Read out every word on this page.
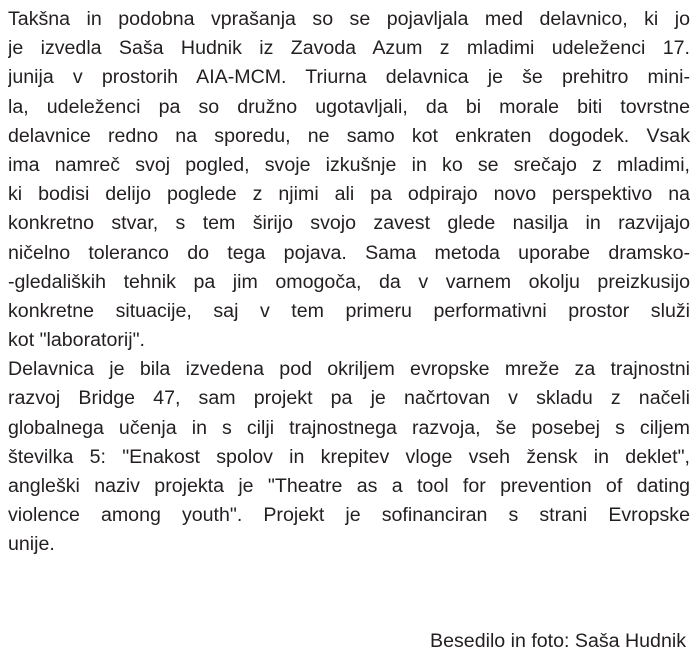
Takšna in podobna vprašanja so se pojavljala med delavnico, ki jo
je izvedla Saša Hudnik iz Zavoda Azum z mladimi udeleženci 17.
junija v prostorih AIA-MCM. Triurna delavnica je še prehitro mini-
la, udeleženci pa so družno ugotavljali, da bi morale biti tovrstne
delavnice redno na sporedu, ne samo kot enkraten dogodek. Vsak
ima namreč svoj pogled, svoje izkušnje in ko se srečajo z mladimi,
ki bodisi delijo poglede z njimi ali pa odpirajo novo perspektivo na
konkretno stvar, s tem širijo svojo zavest glede nasilja in razvijajo
ničelno toleranco do tega pojava. Sama metoda uporabe dramsko-
-gledaliških tehnik pa jim omogoča, da v varnem okolju preizkusijo
konkretne situacije, saj v tem primeru performativni prostor služi
kot "laboratorij".
Delavnica je bila izvedena pod okriljem evropske mreže za trajnostni
razvoj Bridge 47, sam projekt pa je načrtovan v skladu z načeli
globalnega učenja in s cilji trajnostnega razvoja, še posebej s ciljem
številka 5: "Enakost spolov in krepitev vloge vseh žensk in deklet",
angleški naziv projekta je "Theatre as a tool for prevention of dating
violence among youth". Projekt je sofinanciran s strani Evropske
unije.
Besedilo in foto: Saša Hudnik
